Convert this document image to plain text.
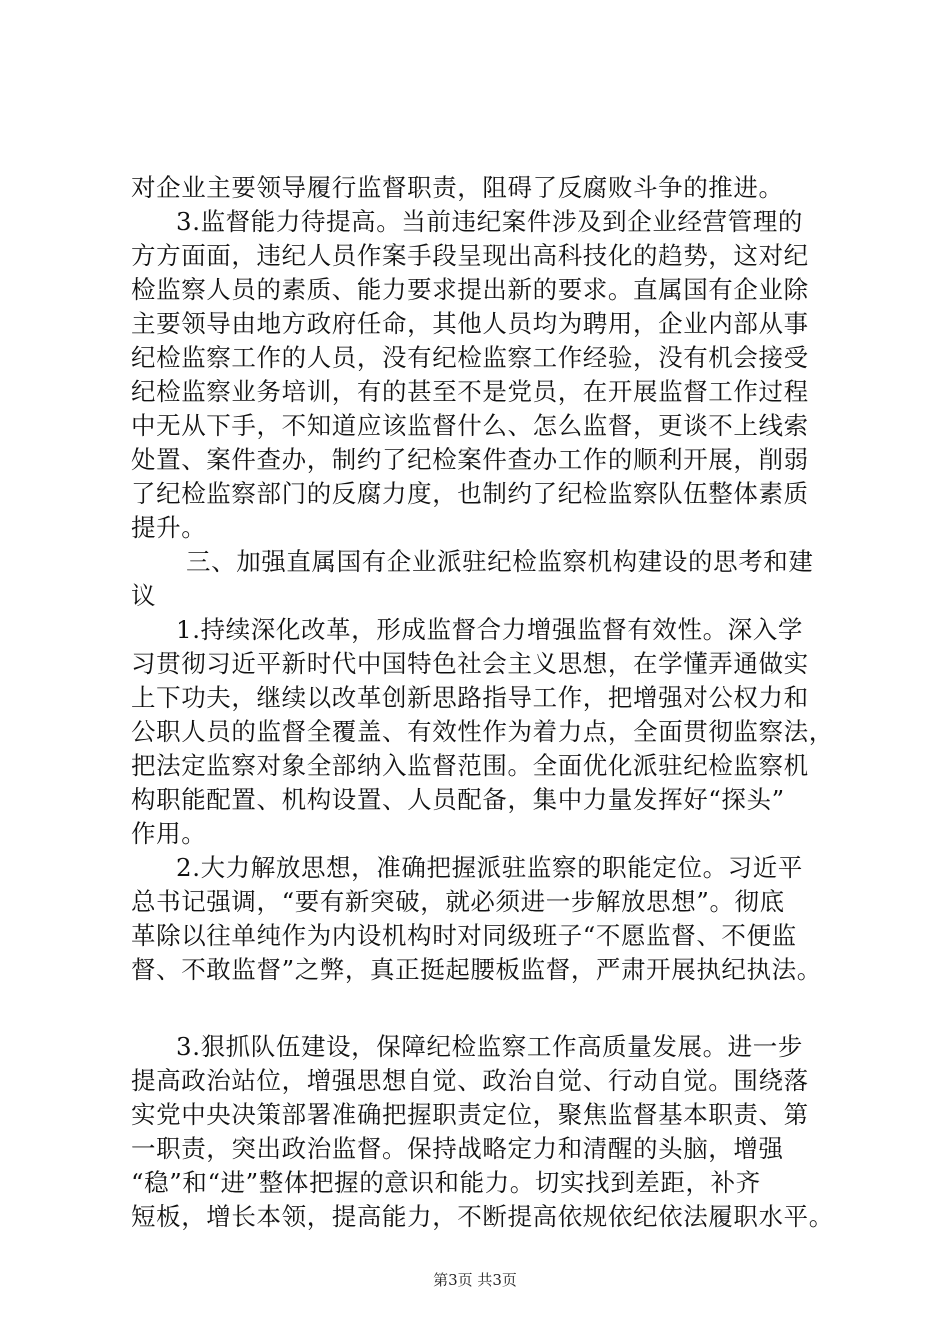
对企业主要领导履行监督职责，阻碍了反腐败斗争的推进。
3.监督能力待提高。当前违纪案件涉及到企业经营管理的
方方面面，违纪人员作案手段呈现出高科技化的趋势，这对纪
检监察人员的素质、能力要求提出新的要求。直属国有企业除
主要领导由地方政府任命，其他人员均为聘用，企业内部从事
纪检监察工作的人员，没有纪检监察工作经验，没有机会接受
纪检监察业务培训，有的甚至不是党员，在开展监督工作过程
中无从下手，不知道应该监督什么、怎么监督，更谈不上线索
处置、案件查办，制约了纪检案件查办工作的顺利开展，削弱
了纪检监察部门的反腐力度，也制约了纪检监察队伍整体素质
提升。
三、加强直属国有企业派驻纪检监察机构建设的思考和建
议
1.持续深化改革，形成监督合力增强监督有效性。深入学
习贯彻习近平新时代中国特色社会主义思想，在学懂弄通做实
上下功夫，继续以改革创新思路指导工作，把增强对公权力和
公职人员的监督全覆盖、有效性作为着力点，全面贯彻监察法，
把法定监察对象全部纳入监督范围。全面优化派驻纪检监察机
构职能配置、机构设置、人员配备，集中力量发挥好“探头”
作用。
2.大力解放思想，准确把握派驻监察的职能定位。习近平
总书记强调，“要有新突破，就必须进一步解放思想”。彻底
革除以往单纯作为内设机构时对同级班子“不愿监督、不便监
督、不敢监督”之弊，真正挺起腰板监督，严肃开展执纪执法。
3.狠抓队伍建设，保障纪检监察工作高质量发展。进一步
提高政治站位，增强思想自觉、政治自觉、行动自觉。围绕落
实党中央决策部署准确把握职责定位，聚焦监督基本职责、第
一职责，突出政治监督。保持战略定力和清醒的头脑，增强
“稳”和“进”整体把握的意识和能力。切实找到差距，补齐
短板，增长本领，提高能力，不断提高依规依纪依法履职水平。
第3页 共3页
